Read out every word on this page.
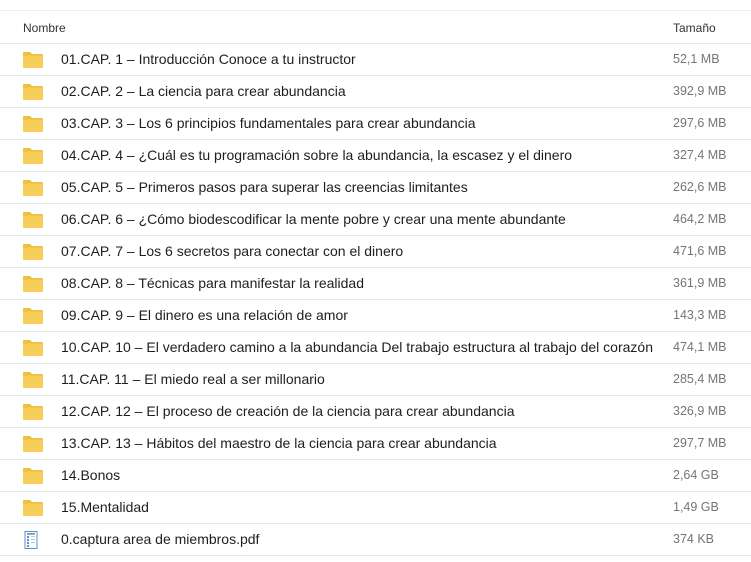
Nombre	Tamaño
01.CAP. 1 – Introducción Conoce a tu instructor	52,1 MB
02.CAP. 2 – La ciencia para crear abundancia	392,9 MB
03.CAP. 3 – Los 6 principios fundamentales para crear abundancia	297,6 MB
04.CAP. 4 – ¿Cuál es tu programación sobre la abundancia, la escasez y el dinero	327,4 MB
05.CAP. 5 – Primeros pasos para superar las creencias limitantes	262,6 MB
06.CAP. 6 – ¿Cómo biodescodificar la mente pobre y crear una mente abundante	464,2 MB
07.CAP. 7 – Los 6 secretos para conectar con el dinero	471,6 MB
08.CAP. 8 – Técnicas para manifestar la realidad	361,9 MB
09.CAP. 9 – El dinero es una relación de amor	143,3 MB
10.CAP. 10 – El verdadero camino a la abundancia Del trabajo estructura al trabajo del corazón 474,1 MB
11.CAP. 11 – El miedo real a ser millonario	285,4 MB
12.CAP. 12 – El proceso de creación de la ciencia para crear abundancia	326,9 MB
13.CAP. 13 – Hábitos del maestro de la ciencia para crear abundancia	297,7 MB
14.Bonos	2,64 GB
15.Mentalidad	1,49 GB
0.captura area de miembros.pdf	374 KB
